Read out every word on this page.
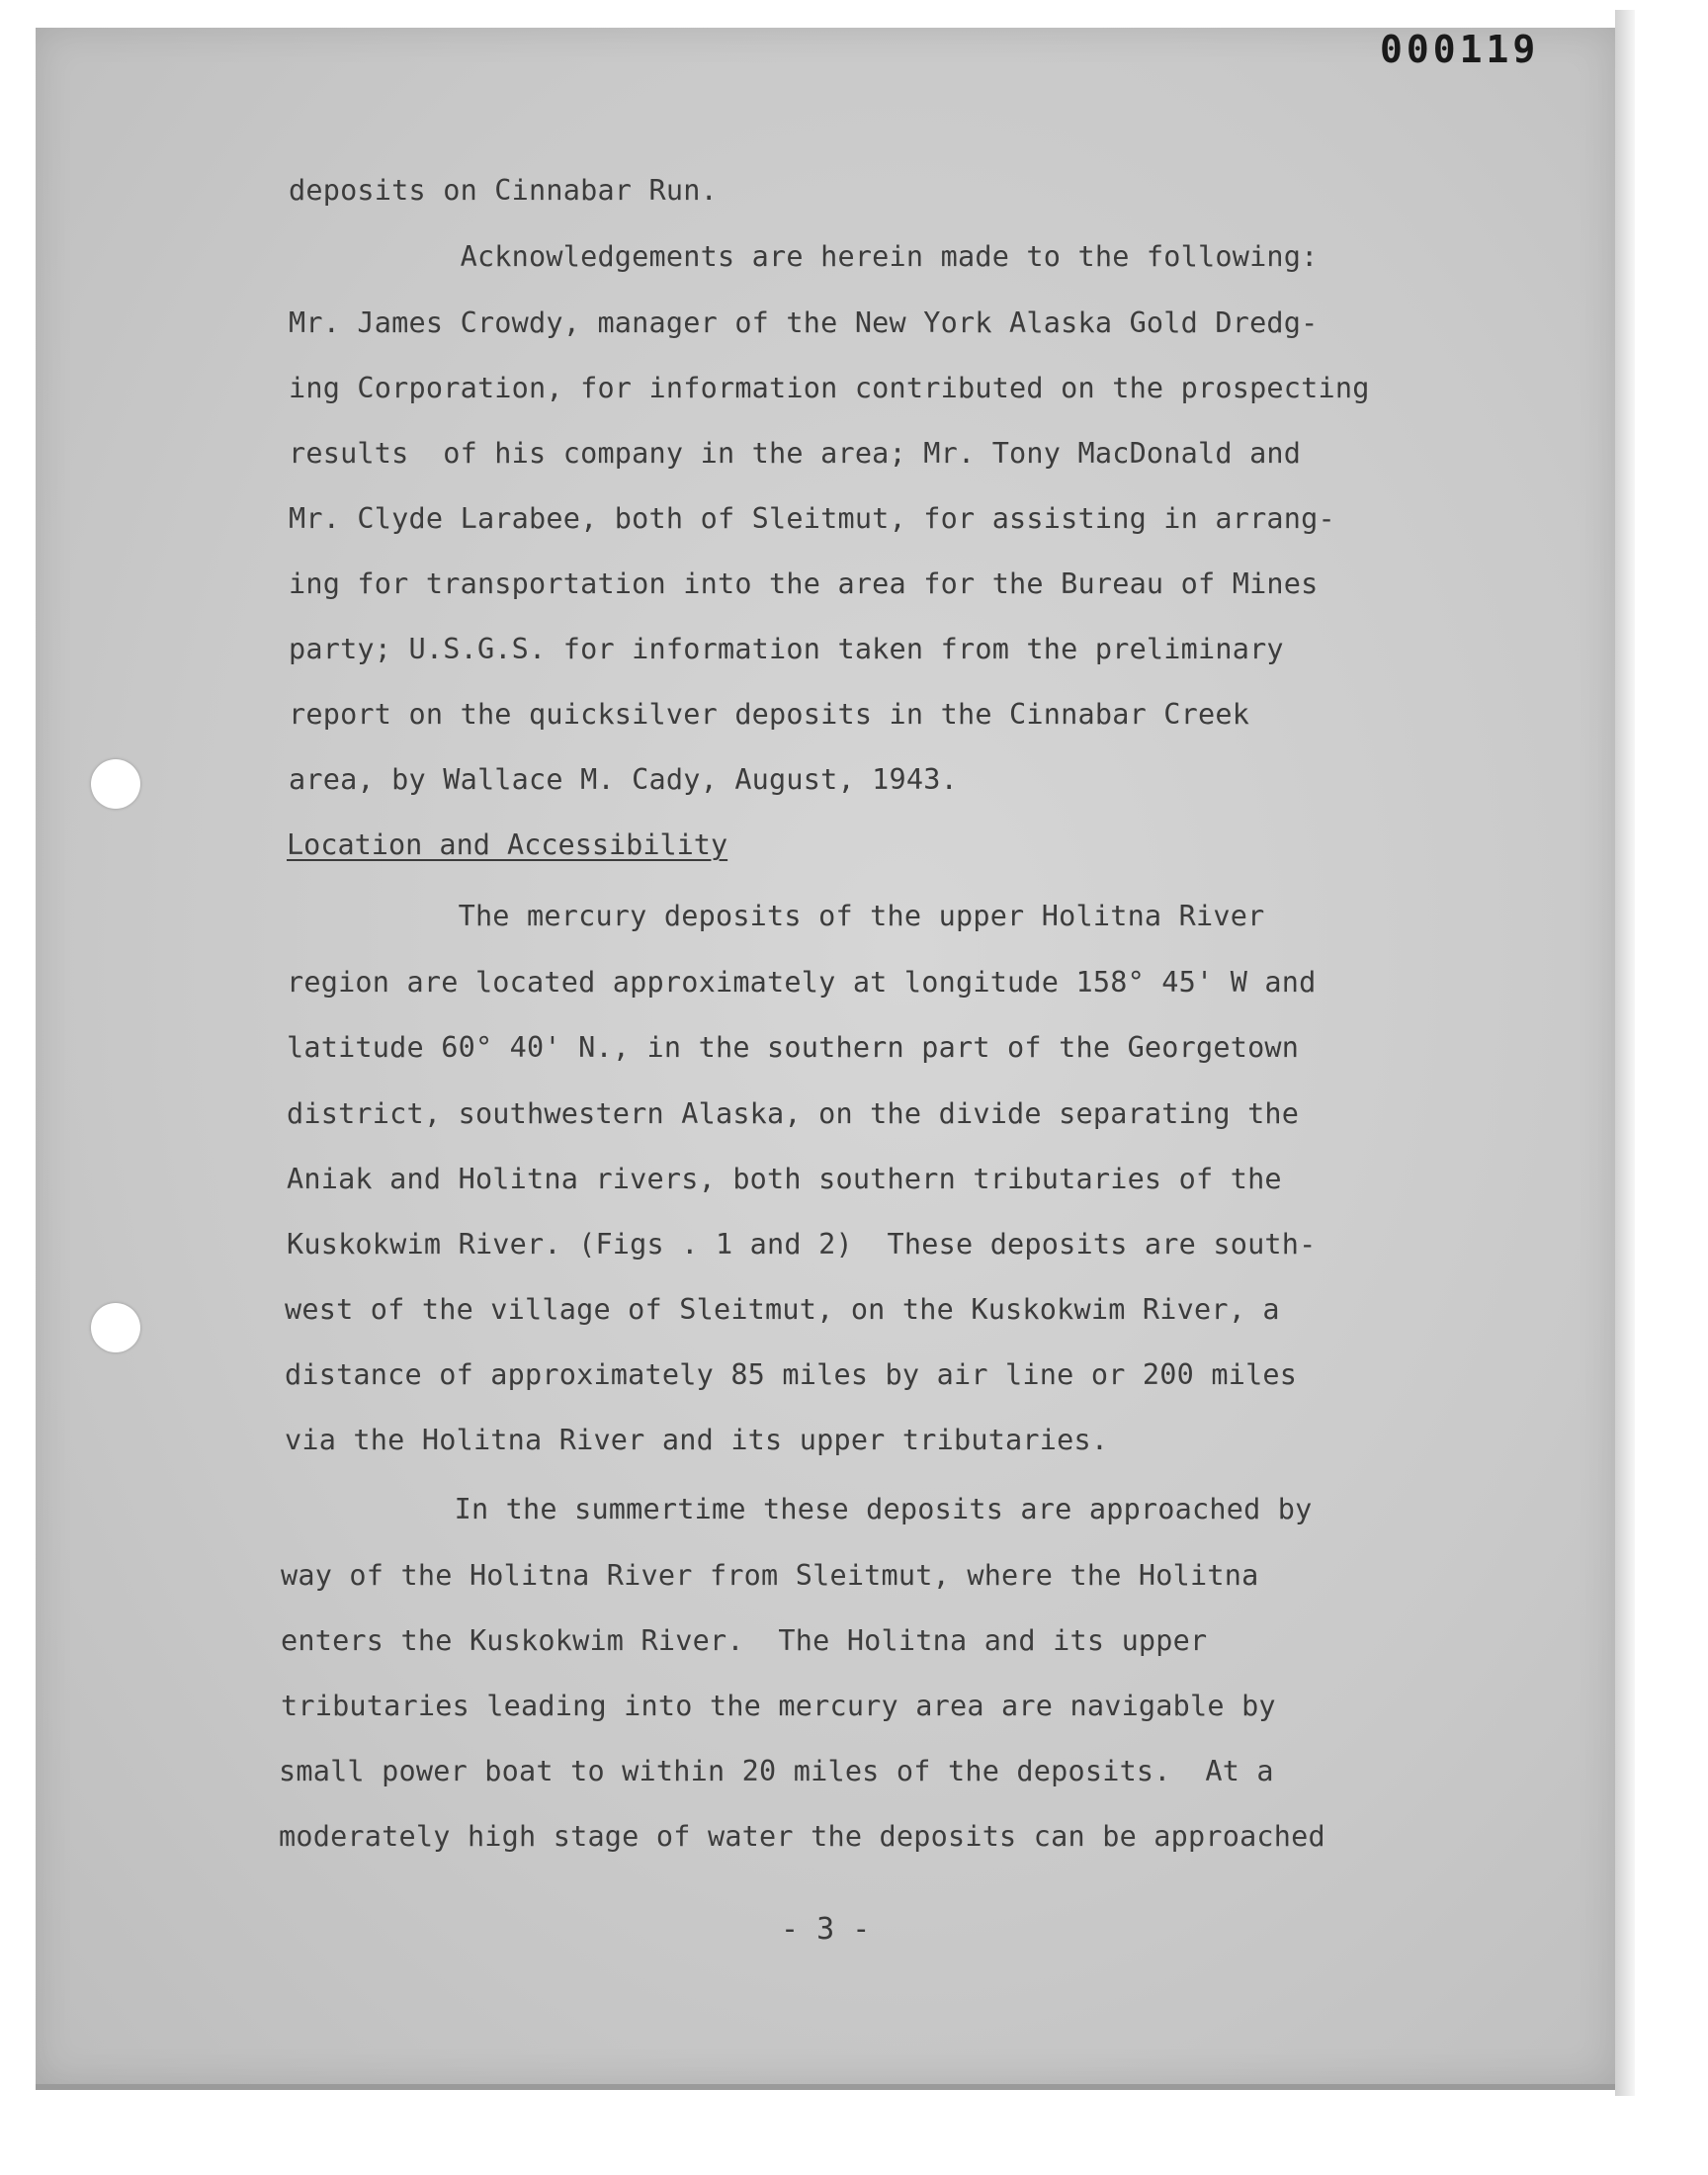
000119
deposits on Cinnabar Run.
Acknowledgements are herein made to the following:
Mr. James Crowdy, manager of the New York Alaska Gold Dredg-
ing Corporation, for information contributed on the prospecting
results  of his company in the area; Mr. Tony MacDonald and
Mr. Clyde Larabee, both of Sleitmut, for assisting in arrang-
ing for transportation into the area for the Bureau of Mines
party; U.S.G.S. for information taken from the preliminary
report on the quicksilver deposits in the Cinnabar Creek
area, by Wallace M. Cady, August, 1943.
Location and Accessibility
The mercury deposits of the upper Holitna River
region are located approximately at longitude 158° 45' W and
latitude 60° 40' N., in the southern part of the Georgetown
district, southwestern Alaska, on the divide separating the
Aniak and Holitna rivers, both southern tributaries of the
Kuskokwim River. (Figs . 1 and 2)  These deposits are south-
west of the village of Sleitmut, on the Kuskokwim River, a
distance of approximately 85 miles by air line or 200 miles
via the Holitna River and its upper tributaries.
In the summertime these deposits are approached by
way of the Holitna River from Sleitmut, where the Holitna
enters the Kuskokwim River.  The Holitna and its upper
tributaries leading into the mercury area are navigable by
small power boat to within 20 miles of the deposits.  At a
moderately high stage of water the deposits can be approached
- 3 -
